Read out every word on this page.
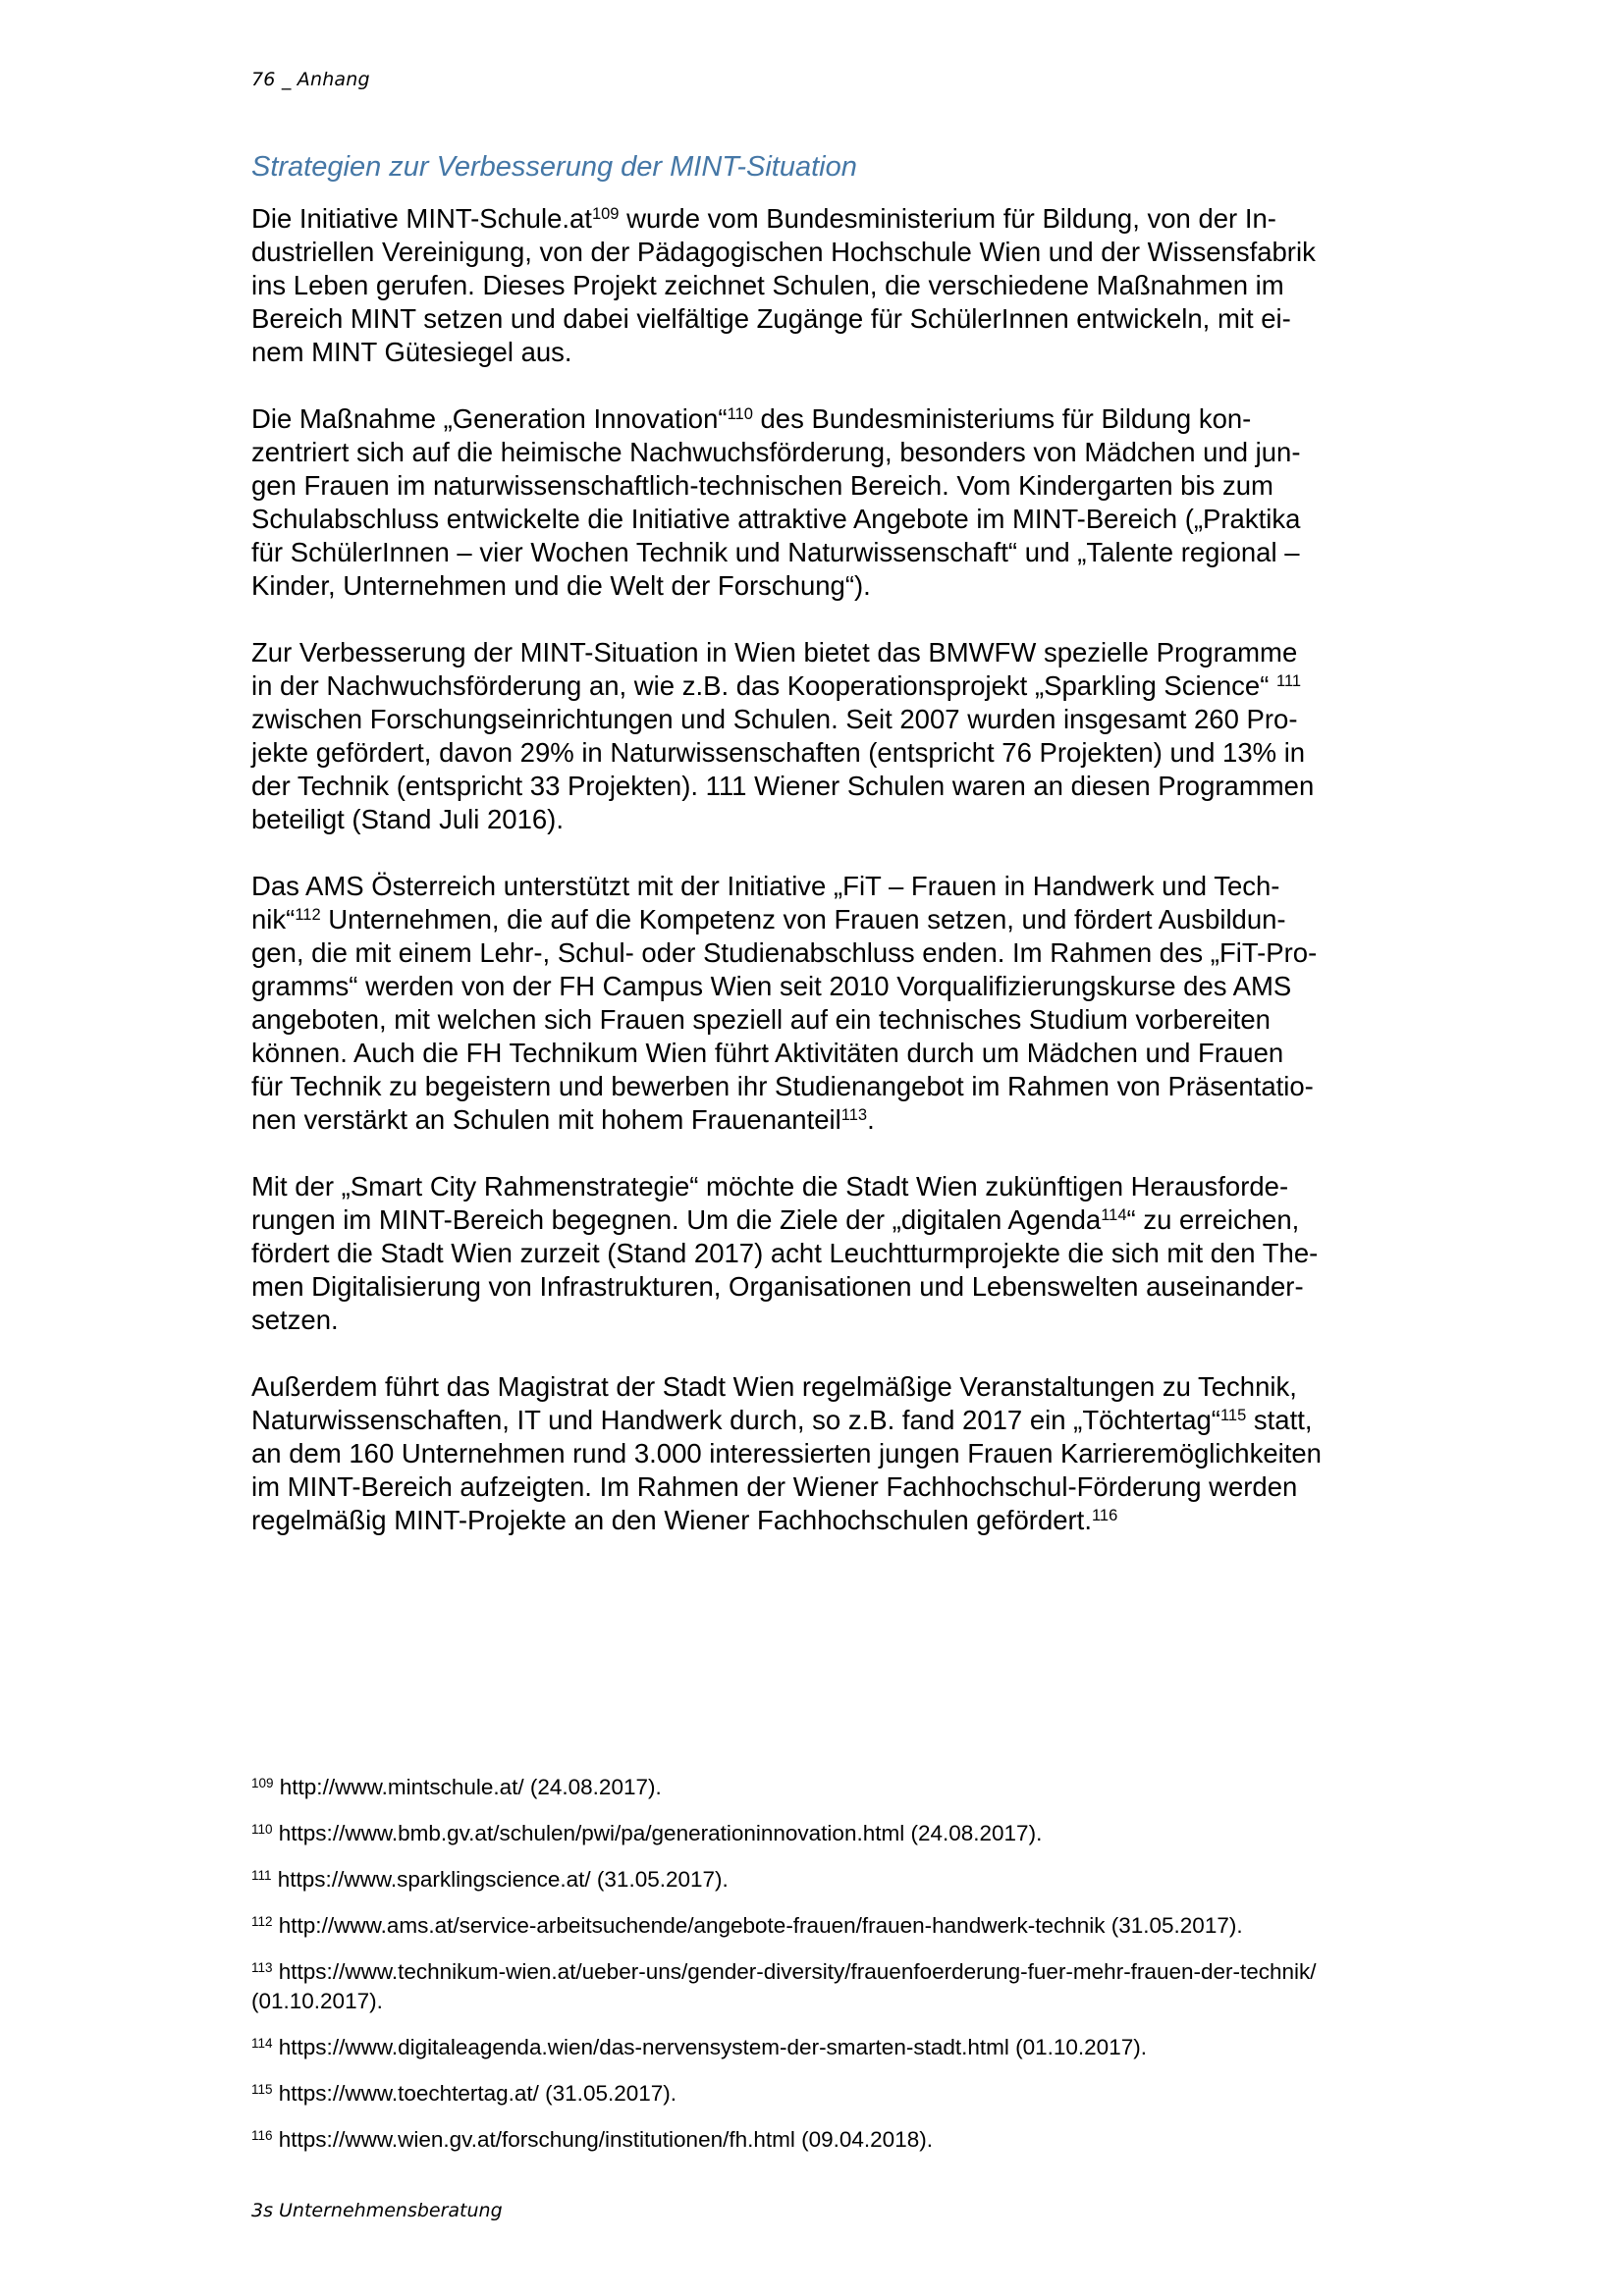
76 _ Anhang
Strategien zur Verbesserung der MINT-Situation
Die Initiative MINT-$Schule.at^{109}$ wurde vom Bundesministerium für Bildung, von der In-
dustriellen Vereinigung, von der Pädagogischen Hochschule Wien und der Wissensfabrik
ins Leben gerufen. Dieses Projekt zeichnet Schulen, die verschiedene Maßnahmen im
Bereich MINT setzen und dabei vielfältige Zugänge für SchülerInnen entwickeln, mit ei-
nem MINT Gütesiegel aus.
Die Maßnahme „Generation Innovation“$^{110}$ des Bundesministeriums für Bildung kon-
zentriert sich auf die heimische Nachwuchsförderung, besonders von Mädchen und jun-
gen Frauen im naturwissenschaftlich-technischen Bereich. Vom Kindergarten bis zum
Schulabschluss entwickelte die Initiative attraktive Angebote im MINT-Bereich („Praktika
für SchülerInnen – vier Wochen Technik und Naturwissenschaft“ und „Talente regional –
Kinder, Unternehmen und die Welt der Forschung“).
Zur Verbesserung der MINT-Situation in Wien bietet das BMWFW spezielle Programme
in der Nachwuchsförderung an, wie z.B. das Kooperationsprojekt „Sparkling Science“ $^{111}$
zwischen Forschungseinrichtungen und Schulen. Seit 2007 wurden insgesamt 260 Pro-
jekte gefördert, davon 29% in Naturwissenschaften (entspricht 76 Projekten) und 13% in
der Technik (entspricht 33 Projekten). 111 Wiener Schulen waren an diesen Programmen
beteiligt (Stand Juli 2016).
Das AMS Österreich unterstützt mit der Initiative „FiT – Frauen in Handwerk und Tech-
nik“$^{112}$ Unternehmen, die auf die Kompetenz von Frauen setzen, und fördert Ausbildun-
gen, die mit einem Lehr-, Schul- oder Studienabschluss enden. Im Rahmen des „FiT-Pro-
gramms“ werden von der FH Campus Wien seit 2010 Vorqualifizierungskurse des AMS
angeboten, mit welchen sich Frauen speziell auf ein technisches Studium vorbereiten
können. Auch die FH Technikum Wien führt Aktivitäten durch um Mädchen und Frauen
für Technik zu begeistern und bewerben ihr Studienangebot im Rahmen von Präsentatio-
nen verstärkt an Schulen mit hohem Frauenanteil$^{113}$.
Mit der „Smart City Rahmenstrategie“ möchte die Stadt Wien zukünftigen Herausforde-
rungen im MINT-Bereich begegnen. Um die Ziele der „digitalen Agenda$^{114}$“ zu erreichen,
fördert die Stadt Wien zurzeit (Stand 2017) acht Leuchtturmprojekte die sich mit den The-
men Digitalisierung von Infrastrukturen, Organisationen und Lebenswelten auseinander-
setzen.
Außerdem führt das Magistrat der Stadt Wien regelmäßige Veranstaltungen zu Technik,
Naturwissenschaften, IT und Handwerk durch, so z.B. fand 2017 ein „Töchtertag“$^{115}$ statt,
an dem 160 Unternehmen rund 3.000 interessierten jungen Frauen Karrieremöglichkeiten
im MINT-Bereich aufzeigten. Im Rahmen der Wiener Fachhochschul-Förderung werden
regelmäßig MINT-Projekte an den Wiener Fachhochschulen gefördert.$^{116}$
$^{109}$ http://www.mintschule.at/ (24.08.2017).
$^{110}$ https://www.bmb.gv.at/schulen/pwi/pa/generationinnovation.html (24.08.2017).
$^{111}$ https://www.sparklingscience.at/ (31.05.2017).
$^{112}$ http://www.ams.at/service-arbeitsuchende/angebote-frauen/frauen-handwerk-technik (31.05.2017).
$^{113}$ https://www.technikum-wien.at/ueber-uns/gender-diversity/frauenfoerderung-fuer-mehr-frauen-der-technik/
(01.10.2017).
$^{114}$ https://www.digitaleagenda.wien/das-nervensystem-der-smarten-stadt.html (01.10.2017).
$^{115}$ https://www.toechtertag.at/ (31.05.2017).
$^{116}$ https://www.wien.gv.at/forschung/institutionen/fh.html (09.04.2018).
3s Unternehmensberatung
